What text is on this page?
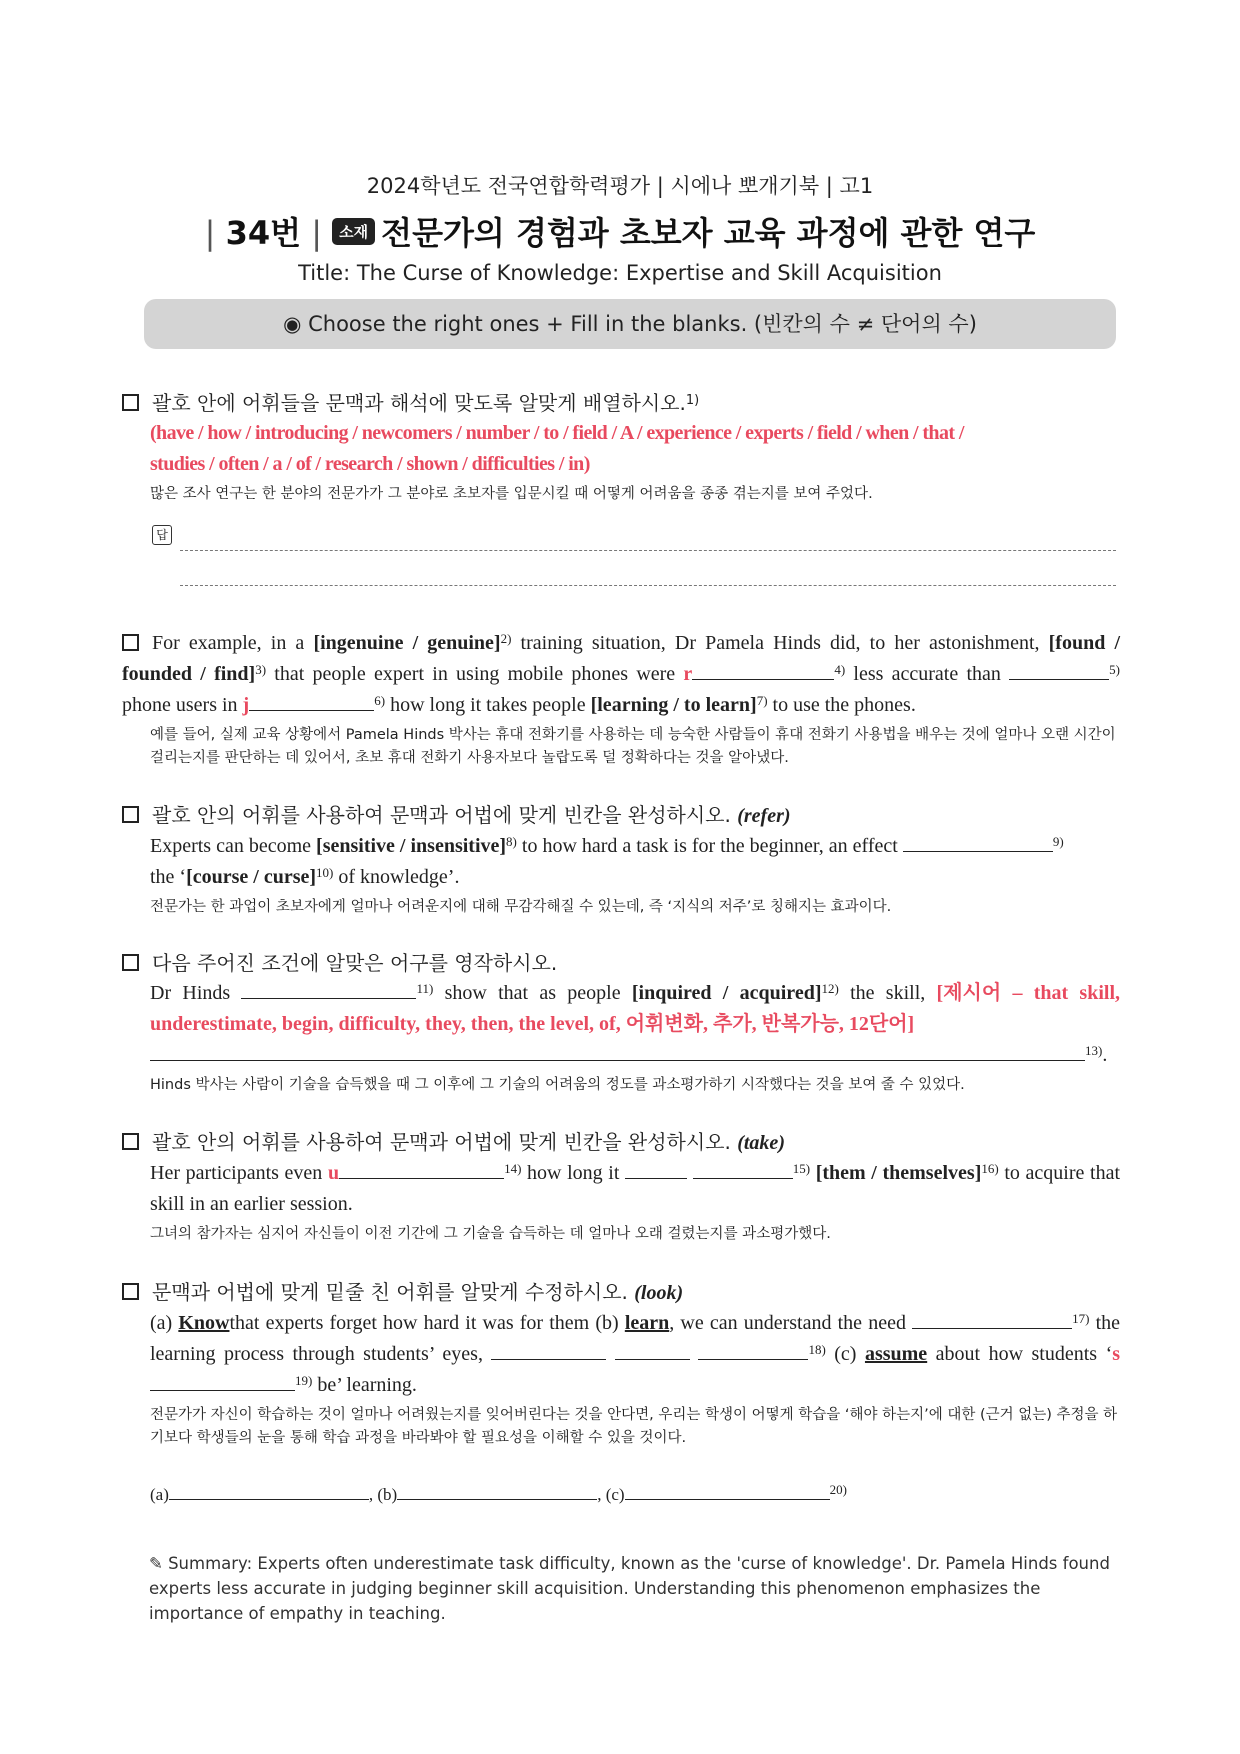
2024학년도 전국연합학력평가 | 시에나 뽀개기북 | 고1
| 34번 | 소재 전문가의 경험과 초보자 교육 과정에 관한 연구
Title: The Curse of Knowledge: Expertise and Skill Acquisition
◉ Choose the right ones + Fill in the blanks. (빈칸의 수 ≠ 단어의 수)
괄호 안에 어휘들을 문맥과 해석에 맞도록 알맞게 배열하시오.$^{1)}$
(have / how / introducing / newcomers / number / to / field / A / experience / experts / field / when / that /
studies / often / a / of / research / shown / difficulties / in)
많은 조사 연구는 한 분야의 전문가가 그 분야로 초보자를 입문시킬 때 어떻게 어려움을 종종 겪는지를 보여 주었다.
답
For example, in a [ingenuine / genuine]$^{2)}$ training situation, Dr Pamela Hinds did, to her astonishment, [found / founded / find]$^{3)}$ that people expert in using mobile phones were r	$^{4)}$ less accurate than	$^{5)}$ phone users in j	$^{6)}$ how long it takes people [learning / to learn]$^{7)}$ to use the phones.
예를 들어, 실제 교육 상황에서 Pamela Hinds 박사는 휴대 전화기를 사용하는 데 능숙한 사람들이 휴대 전화기 사용법을 배우는 것에 얼마나 오랜 시간이 걸리는지를 판단하는 데 있어서, 초보 휴대 전화기 사용자보다 놀랍도록 덜 정확하다는 것을 알아냈다.
괄호 안의 어휘를 사용하여 문맥과 어법에 맞게 빈칸을 완성하시오. (refer)
Experts can become [sensitive / insensitive]$^{8)}$ to how hard a task is for the beginner, an effect	$^{9)}$
the ‘[course / curse]$^{10)}$ of knowledge’.
전문가는 한 과업이 초보자에게 얼마나 어려운지에 대해 무감각해질 수 있는데, 즉 ‘지식의 저주’로 칭해지는 효과이다.
다음 주어진 조건에 알맞은 어구를 영작하시오.
Dr Hinds	$^{11)}$ show that as people [inquired / acquired]$^{12)}$ the skill, [제시어 – that skill, underestimate, begin, difficulty, they, then, the level, of, 어휘변화, 추가, 반복가능, 12단어]
$^{13)}$.
Hinds 박사는 사람이 기술을 습득했을 때 그 이후에 그 기술의 어려움의 정도를 과소평가하기 시작했다는 것을 보여 줄 수 있었다.
괄호 안의 어휘를 사용하여 문맥과 어법에 맞게 빈칸을 완성하시오. (take)
Her participants even u	$^{14)}$ how long it	$^{15)}$ [them / themselves]$^{16)}$ to acquire that skill in an earlier session.
그녀의 참가자는 심지어 자신들이 이전 기간에 그 기술을 습득하는 데 얼마나 오래 걸렸는지를 과소평가했다.
문맥과 어법에 맞게 밑줄 친 어휘를 알맞게 수정하시오. (look)
(a) Knowthat experts forget how hard it was for them (b) learn, we can understand the need	$^{17)}$ the learning process through students’ eyes,	$^{18)}$ (c) assume about how students ‘$s^{19)}$ be’ learning.
전문가가 자신이 학습하는 것이 얼마나 어려웠는지를 잊어버린다는 것을 안다면, 우리는 학생이 어떻게 학습을 ‘해야 하는지’에 대한 (근거 없는) 추정을 하기보다 학생들의 눈을 통해 학습 과정을 바라봐야 할 필요성을 이해할 수 있을 것이다.
(a)	, (b)	, (c)	$^{20)}$
✎ Summary: Experts often underestimate task difficulty, known as the 'curse of knowledge'. Dr. Pamela Hinds found experts less accurate in judging beginner skill acquisition. Understanding this phenomenon emphasizes the importance of empathy in teaching.
